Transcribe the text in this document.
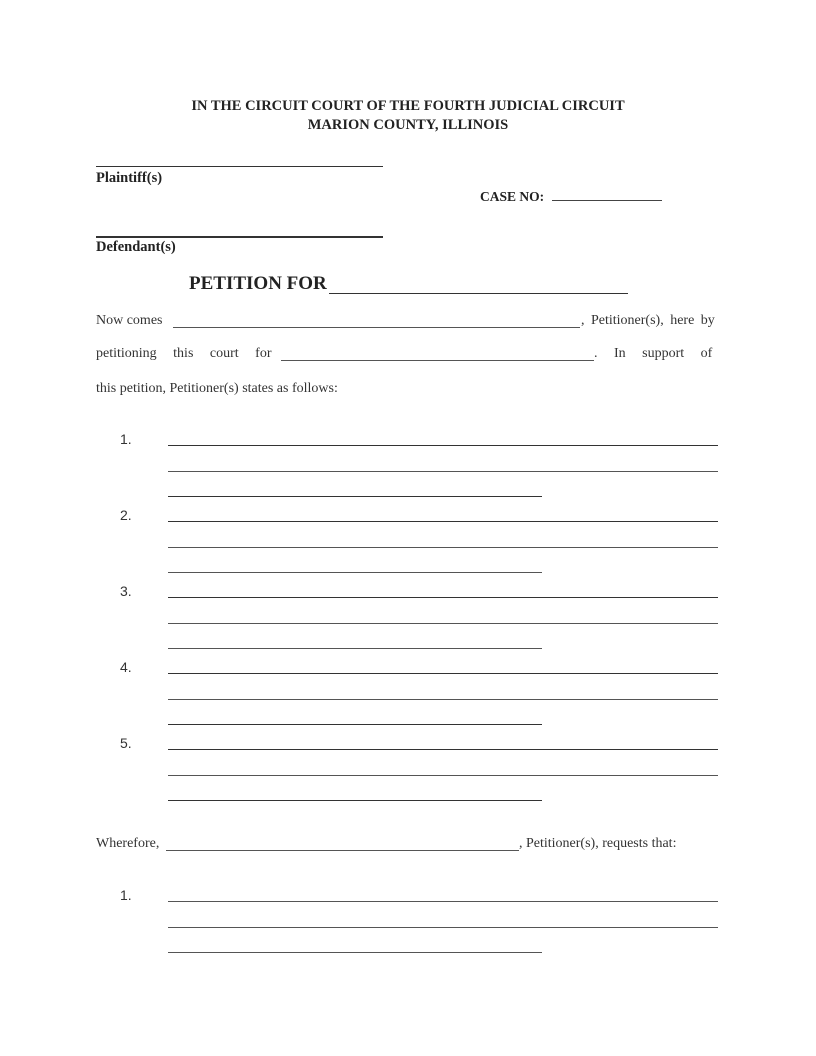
IN THE CIRCUIT COURT OF THE FOURTH JUDICIAL CIRCUIT
MARION COUNTY, ILLINOIS
Plaintiff(s)
CASE NO:
Defendant(s)
PETITION FOR
Now comes	, Petitioner(s), here by
petitioning this court for	. In support of
this petition, Petitioner(s) states as follows:
1.
2.
3.
4.
5.
Wherefore,	, Petitioner(s), requests that:
1.
